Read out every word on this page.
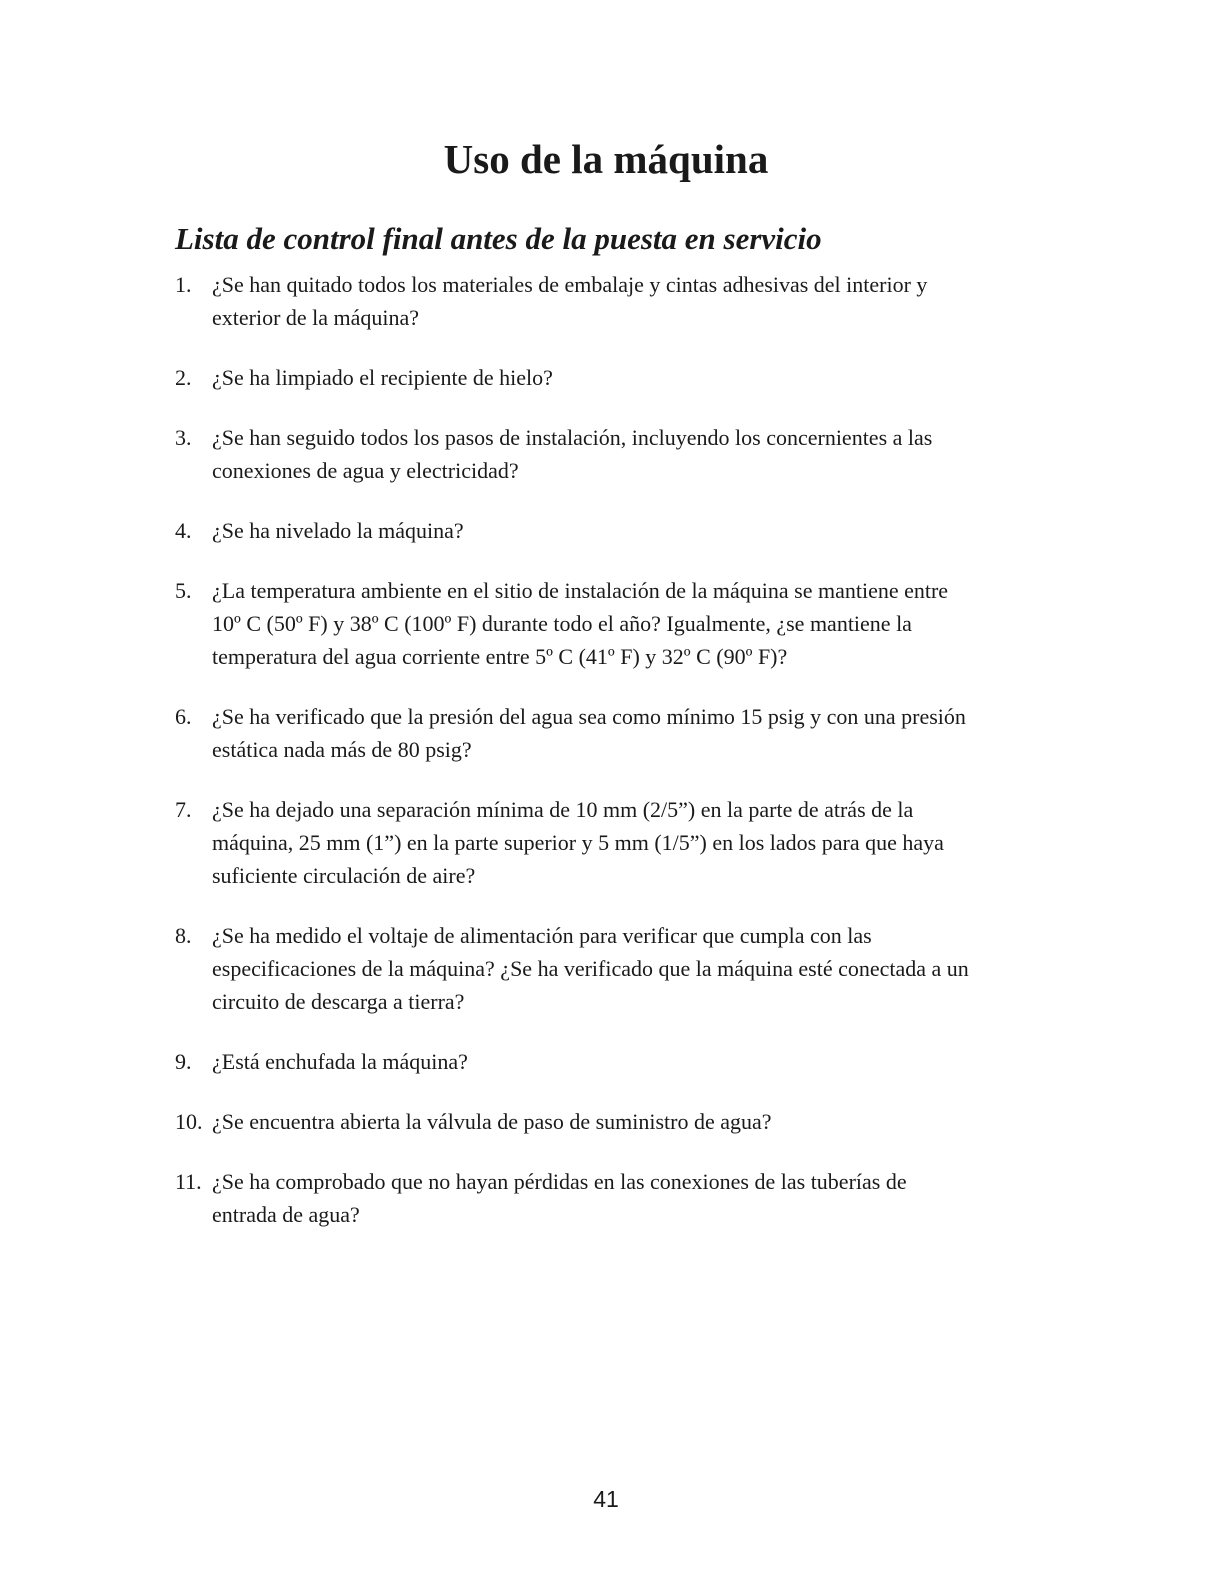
Uso de la máquina
Lista de control final antes de la puesta en servicio
1. ¿Se han quitado todos los materiales de embalaje y cintas adhesivas del interior y
exterior de la máquina?
2. ¿Se ha limpiado el recipiente de hielo?
3. ¿Se han seguido todos los pasos de instalación, incluyendo los concernientes a las
conexiones de agua y electricidad?
4. ¿Se ha nivelado la máquina?
5. ¿La temperatura ambiente en el sitio de instalación de la máquina se mantiene entre
10º C (50º F) y 38º C (100º F) durante todo el año? Igualmente, ¿se mantiene la
temperatura del agua corriente entre 5º C (41º F) y 32º C (90º F)?
6. ¿Se ha verificado que la presión del agua sea como mínimo 15 psig y con una presión
estática nada más de 80 psig?
7. ¿Se ha dejado una separación mínima de 10 mm (2/5”) en la parte de atrás de la
máquina, 25 mm (1”) en la parte superior y 5 mm (1/5”) en los lados para que haya
suficiente circulación de aire?
8. ¿Se ha medido el voltaje de alimentación para verificar que cumpla con las
especificaciones de la máquina? ¿Se ha verificado que la máquina esté conectada a un
circuito de descarga a tierra?
9. ¿Está enchufada la máquina?
10. ¿Se encuentra abierta la válvula de paso de suministro de agua?
11. ¿Se ha comprobado que no hayan pérdidas en las conexiones de las tuberías de
entrada de agua?
41
